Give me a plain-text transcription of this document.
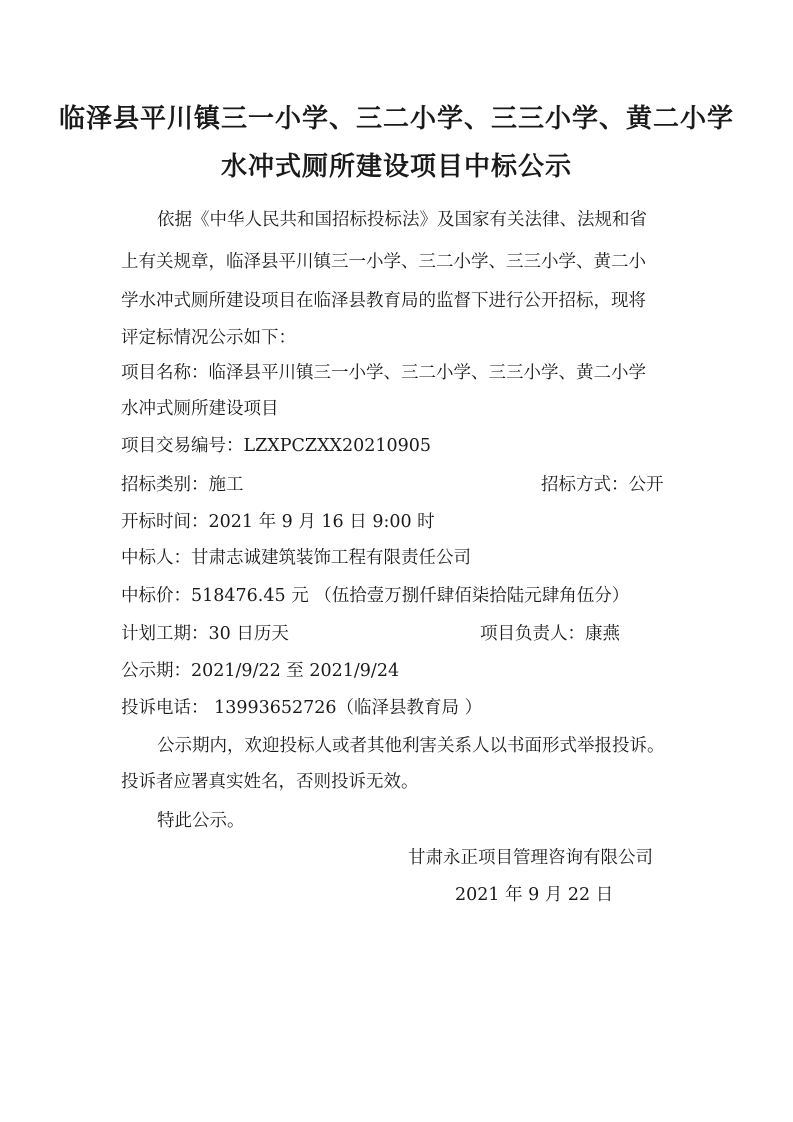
临泽县平川镇三一小学、三二小学、三三小学、黄二小学
水冲式厕所建设项目中标公示
依据《中华人民共和国招标投标法》及国家有关法律、法规和省
上有关规章，临泽县平川镇三一小学、三二小学、三三小学、黄二小
学水冲式厕所建设项目在临泽县教育局的监督下进行公开招标，现将
评定标情况公示如下：
项目名称：临泽县平川镇三一小学、三二小学、三三小学、黄二小学
水冲式厕所建设项目
项目交易编号：LZXPCZXX20210905
招标类别：施工	招标方式：公开
开标时间：2021 年 9 月 16 日 9:00 时
中标人：甘肃志诚建筑装饰工程有限责任公司
中标价：518476.45 元 （伍拾壹万捌仟肆佰柒拾陆元肆角伍分）
计划工期：30 日历天	项目负责人：康燕
公示期：2021/9/22 至 2021/9/24
投诉电话： 13993652726（临泽县教育局 ）
公示期内，欢迎投标人或者其他利害关系人以书面形式举报投诉。
投诉者应署真实姓名，否则投诉无效。
特此公示。
甘肃永正项目管理咨询有限公司
2021 年 9 月 22 日
